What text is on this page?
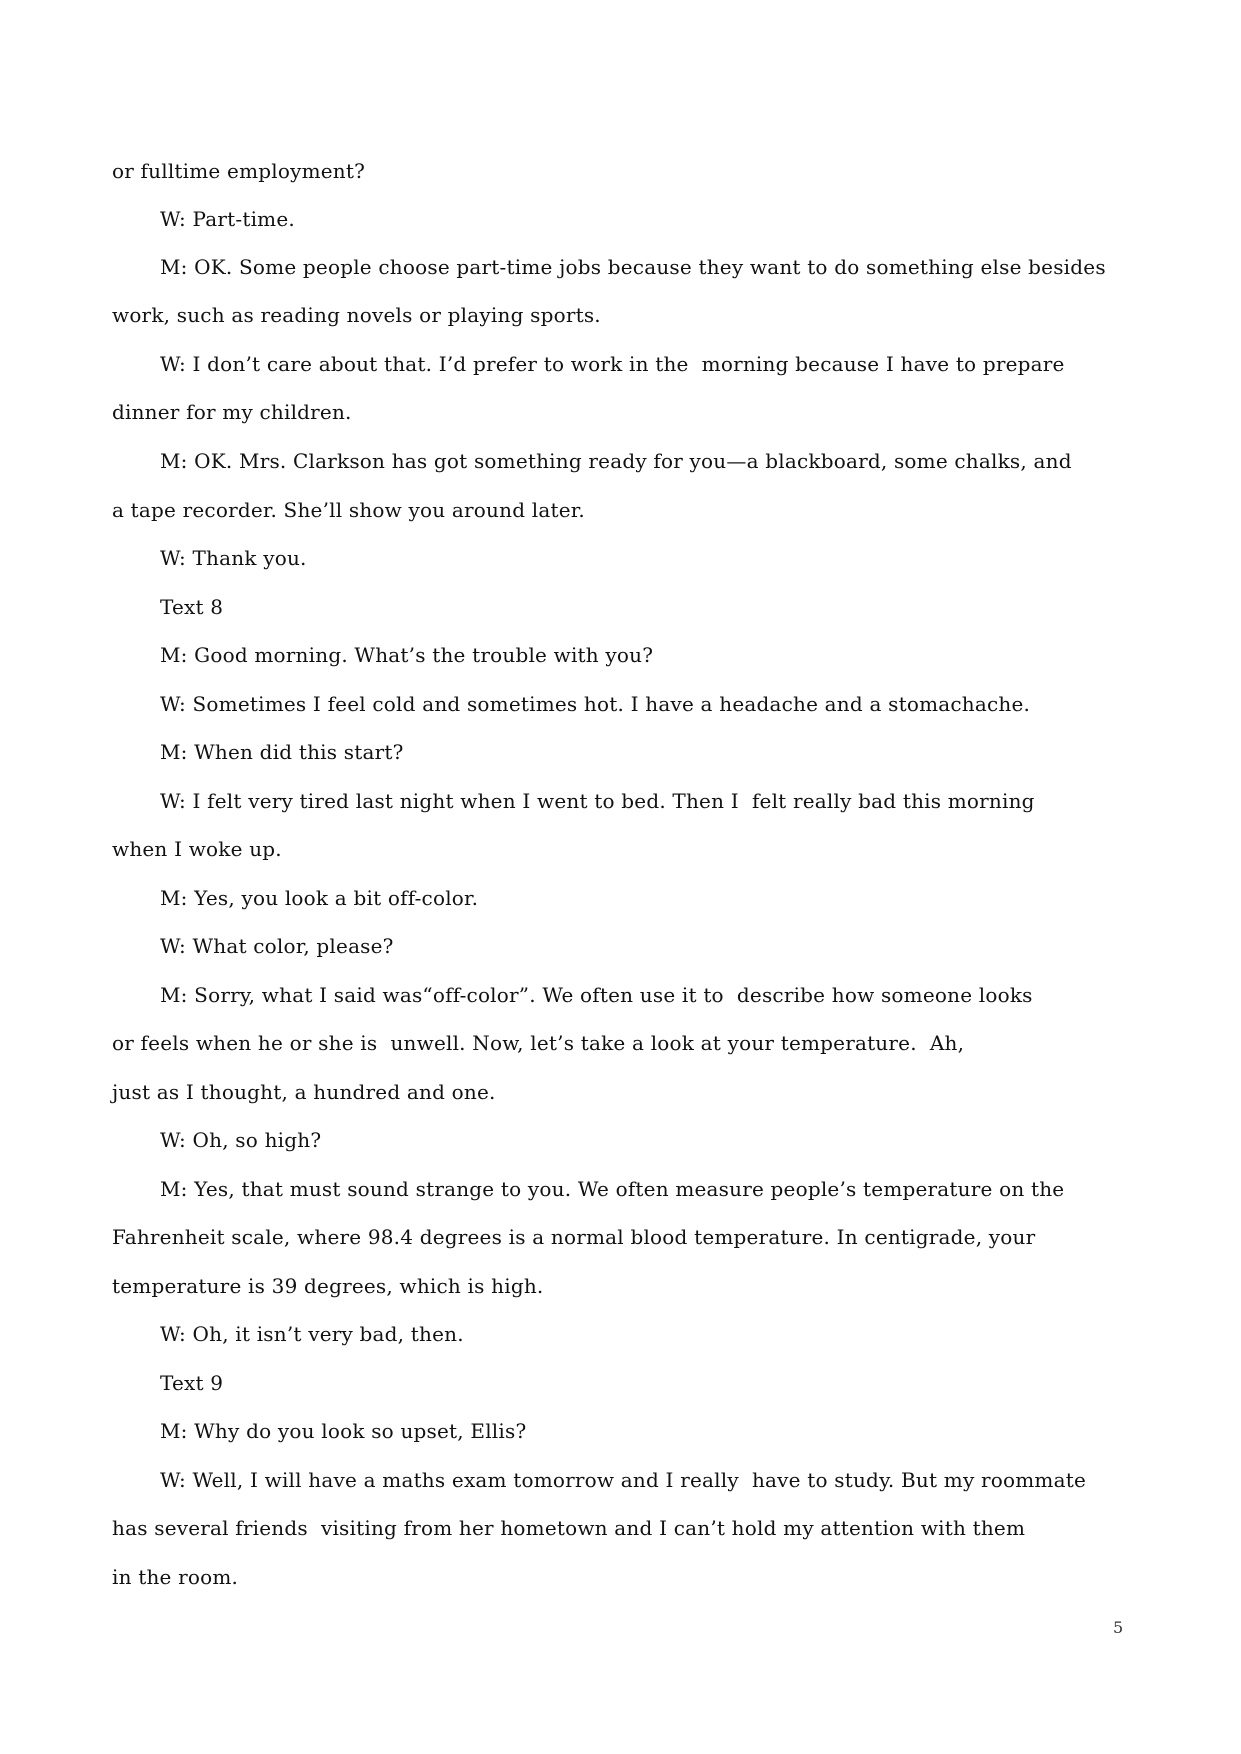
or fulltime employment?
W: Part-time.
M: OK. Some people choose part-time jobs because they want to do something else besides
work, such as reading novels or playing sports.
W: I don’t care about that. I’d prefer to work in the  morning because I have to prepare
dinner for my children.
M: OK. Mrs. Clarkson has got something ready for you—a blackboard, some chalks, and
a tape recorder. She’ll show you around later.
W: Thank you.
Text 8
M: Good morning. What’s the trouble with you?
W: Sometimes I feel cold and sometimes hot. I have a headache and a stomachache.
M: When did this start?
W: I felt very tired last night when I went to bed. Then I  felt really bad this morning
when I woke up.
M: Yes, you look a bit off-color.
W: What color, please?
M: Sorry, what I said was“off-color”. We often use it to  describe how someone looks
or feels when he or she is  unwell. Now, let’s take a look at your temperature.  Ah,
just as I thought, a hundred and one.
W: Oh, so high?
M: Yes, that must sound strange to you. We often measure people’s temperature on the
Fahrenheit scale, where 98.4 degrees is a normal blood temperature. In centigrade, your
temperature is 39 degrees, which is high.
W: Oh, it isn’t very bad, then.
Text 9
M: Why do you look so upset, Ellis?
W: Well, I will have a maths exam tomorrow and I really  have to study. But my roommate
has several friends  visiting from her hometown and I can’t hold my attention with them
in the room.
5
